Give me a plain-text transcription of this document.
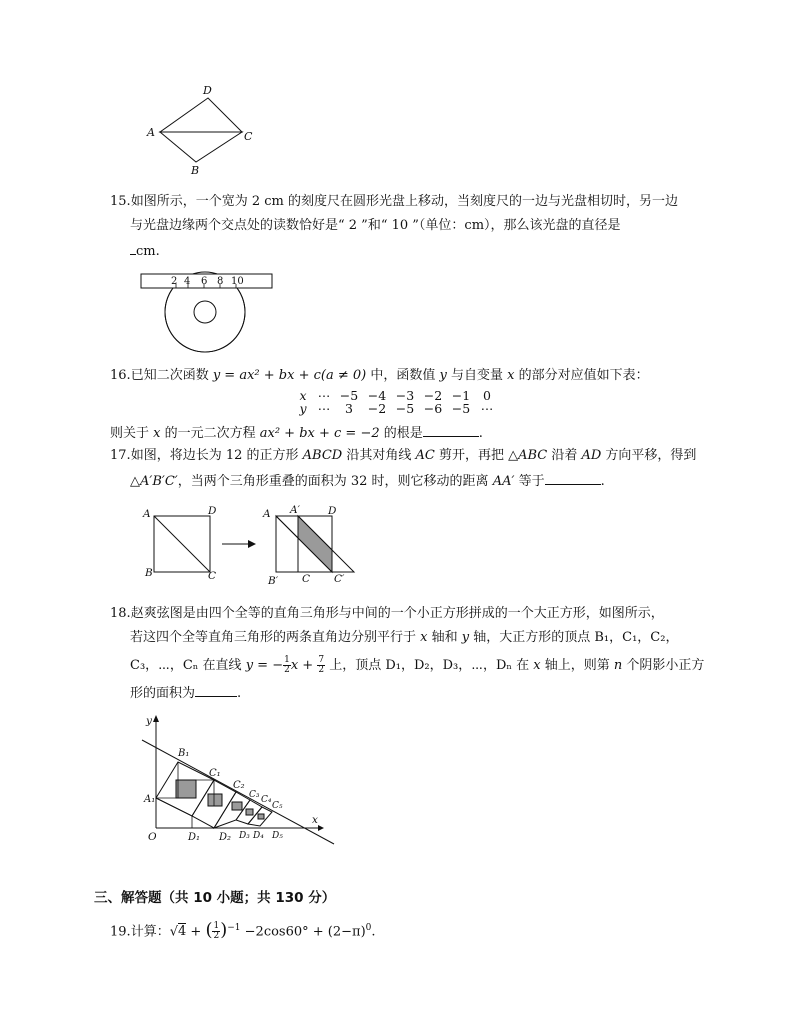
D
A	C
B
15.如图所示，一个宽为 2 cm 的刻度尺在圆形光盘上移动，当刻度尺的一边与光盘相切时，另一边
与光盘边缘两个交点处的读数恰好是“ 2 ”和“ 10 ”（单位：cm），那么该光盘的直径是
cm.
2 4 6 8 10
16.已知二次函数 y = ax² + bx + c(a ≠ 0) 中，函数值 y 与自变量 x 的部分对应值如下表：
x ⋯ −5 −4 −3 −2 −1 0
y ⋯ 3 −2 −5 −6 −5 ⋯
则关于 x 的一元二次方程 ax² + bx + c = −2 的根是	.
17.如图，将边长为 12 的正方形 ABCD 沿其对角线 AC 剪开，再把 △ABC 沿着 AD 方向平移，得到
△A′B′C′，当两个三角形重叠的面积为 32 时，则它移动的距离 AA′ 等于	.
A	D
B	C
A A′	D
B′ C C′
18.赵爽弦图是由四个全等的直角三角形与中间的一个小正方形拼成的一个大正方形，如图所示，
若这四个全等直角三角形的两条直角边分别平行于 x 轴和 y 轴，大正方形的顶点 B₁，C₁，C₂，
C₃，⋯，Cₙ 在直线 y = − $\frac{1}{2}$ $x + \frac{7}{2}$ 上，顶点 D₁，D₂，D₃，⋯，Dₙ 在 x 轴上，则第 n 个阴影小正方
形的面积为	.
y
x
O
A₁
B₁
C₁
C₂
C₃ C₄
C₅
D₁ D₂ D₃ D₄ D₅
三、解答题（共 10 小题；共 130 分）
19.计算：√4 + ( $\frac{1}{2} )^{-1} -2\cos 60^\circ + (2-\pi)^0$.
